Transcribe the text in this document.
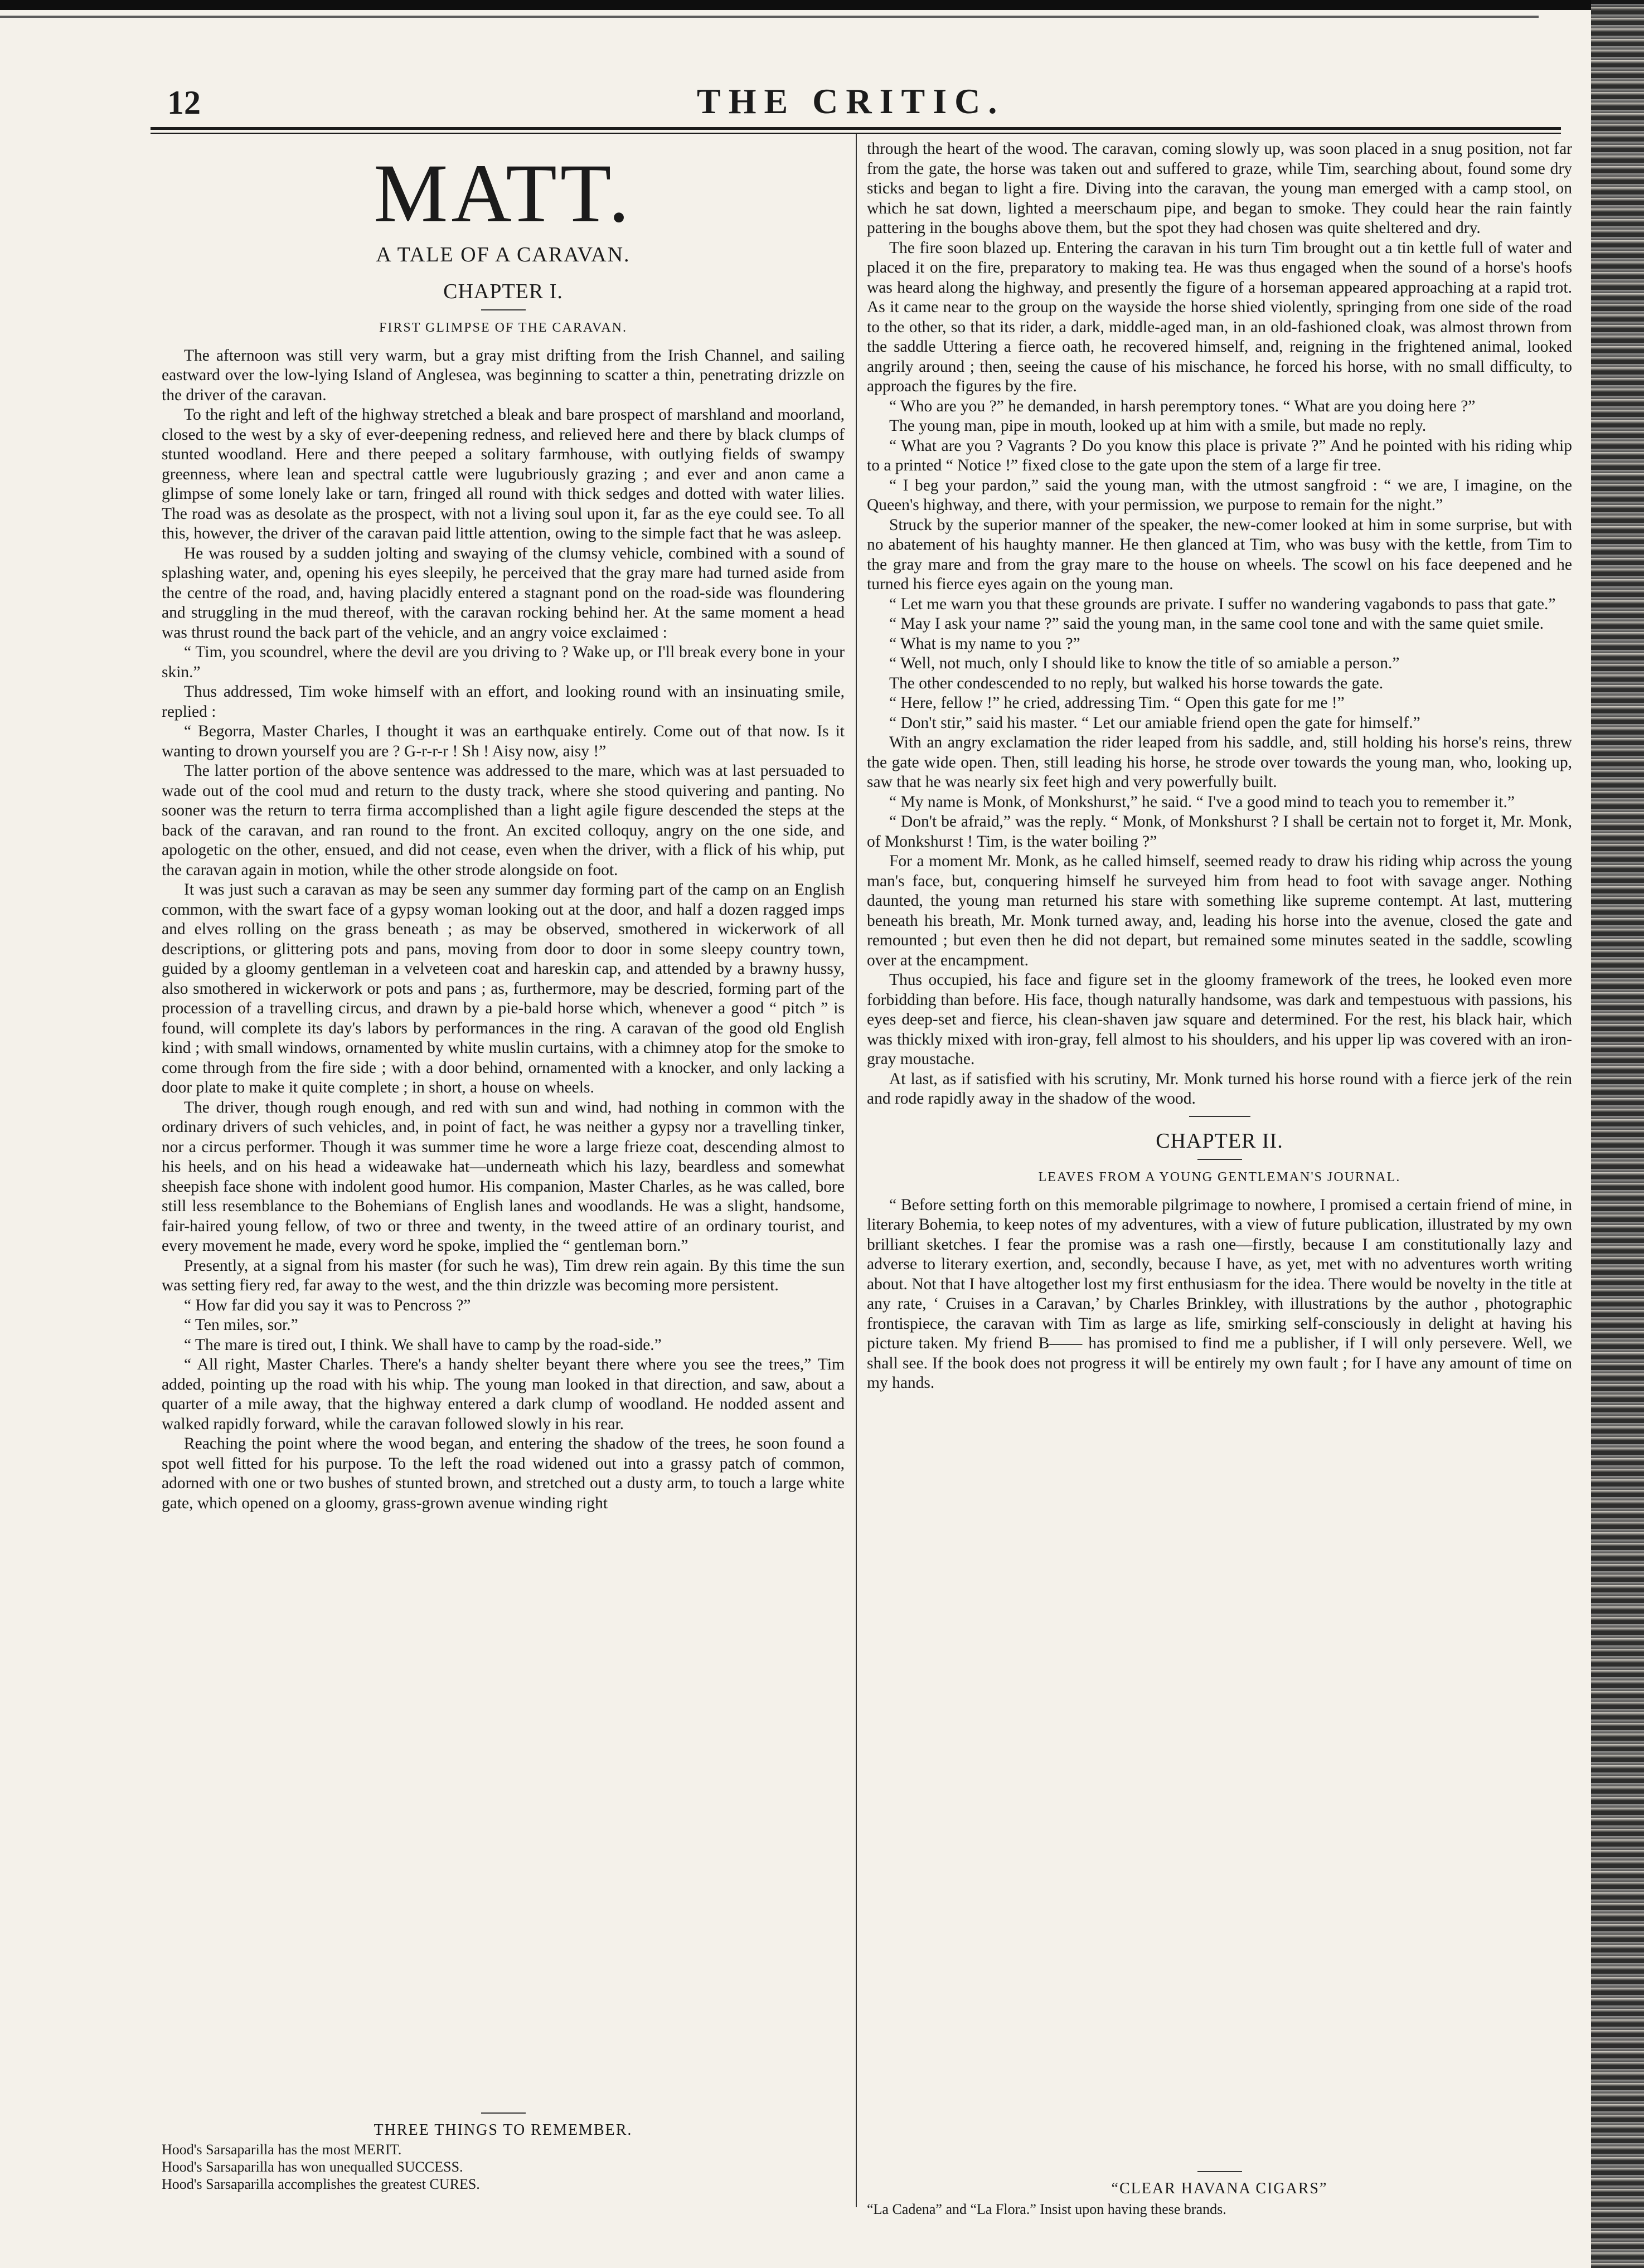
12	THE CRITIC.
MATT.
A TALE OF A CARAVAN.
CHAPTER I.
FIRST GLIMPSE OF THE CARAVAN.

The afternoon was still very warm, but a gray mist drifting from the Irish Channel, and sailing eastward over the low-lying Island of Anglesea, was beginning to scatter a thin, penetrating drizzle on the driver of the caravan.

To the right and left of the highway stretched a bleak and bare prospect of marshland and moorland, closed to the west by a sky of ever-deepening redness, and relieved here and there by black clumps of stunted woodland. Here and there peeped a solitary farmhouse, with outlying fields of swampy greenness, where lean and spectral cattle were lugubriously grazing ; and ever and anon came a glimpse of some lonely lake or tarn, fringed all round with thick sedges and dotted with water lilies. The road was as desolate as the prospect, with not a living soul upon it, far as the eye could see. To all this, however, the driver of the caravan paid little attention, owing to the simple fact that he was asleep.

He was roused by a sudden jolting and swaying of the clumsy vehicle, combined with a sound of splashing water, and, opening his eyes sleepily, he perceived that the gray mare had turned aside from the centre of the road, and, having placidly entered a stagnant pond on the road-side was floundering and struggling in the mud thereof, with the caravan rocking behind her. At the same moment a head was thrust round the back part of the vehicle, and an angry voice exclaimed :

“ Tim, you scoundrel, where the devil are you driving to ? Wake up, or I'll break every bone in your skin.”

Thus addressed, Tim woke himself with an effort, and looking round with an insinuating smile, replied :

“ Begorra, Master Charles, I thought it was an earthquake entirely. Come out of that now. Is it wanting to drown yourself you are ? G-r-r-r ! Sh ! Aisy now, aisy !”

The latter portion of the above sentence was addressed to the mare, which was at last persuaded to wade out of the cool mud and return to the dusty track, where she stood quivering and panting. No sooner was the return to terra firma accomplished than a light agile figure descended the steps at the back of the caravan, and ran round to the front. An excited colloquy, angry on the one side, and apologetic on the other, ensued, and did not cease, even when the driver, with a flick of his whip, put the caravan again in motion, while the other strode alongside on foot.

It was just such a caravan as may be seen any summer day forming part of the camp on an English common, with the swart face of a gypsy woman looking out at the door, and half a dozen ragged imps and elves rolling on the grass beneath ; as may be observed, smothered in wickerwork of all descriptions, or glittering pots and pans, moving from door to door in some sleepy country town, guided by a gloomy gentleman in a velveteen coat and hareskin cap, and attended by a brawny hussy, also smothered in wickerwork or pots and pans ; as, furthermore, may be descried, forming part of the procession of a travelling circus, and drawn by a pie-bald horse which, whenever a good “ pitch ” is found, will complete its day's labors by performances in the ring. A caravan of the good old English kind ; with small windows, ornamented by white muslin curtains, with a chimney atop for the smoke to come through from the fire side ; with a door behind, ornamented with a knocker, and only lacking a door plate to make it quite complete ; in short, a house on wheels.

The driver, though rough enough, and red with sun and wind, had nothing in common with the ordinary drivers of such vehicles, and, in point of fact, he was neither a gypsy nor a travelling tinker, nor a circus performer. Though it was summer time he wore a large frieze coat, descending almost to his heels, and on his head a wideawake hat—underneath which his lazy, beardless and somewhat sheepish face shone with indolent good humor. His companion, Master Charles, as he was called, bore still less resemblance to the Bohemians of English lanes and woodlands. He was a slight, handsome, fair-haired young fellow, of two or three and twenty, in the tweed attire of an ordinary tourist, and every movement he made, every word he spoke, implied the “ gentleman born.”

Presently, at a signal from his master (for such he was), Tim drew rein again. By this time the sun was setting fiery red, far away to the west, and the thin drizzle was becoming more persistent.

“ How far did you say it was to Pencross ?”

“ Ten miles, sor.”

“ The mare is tired out, I think. We shall have to camp by the road-side.”

“ All right, Master Charles. There's a handy shelter beyant there where you see the trees,” Tim added, pointing up the road with his whip. The young man looked in that direction, and saw, about a quarter of a mile away, that the highway entered a dark clump of woodland. He nodded assent and walked rapidly forward, while the caravan followed slowly in his rear.

Reaching the point where the wood began, and entering the shadow of the trees, he soon found a spot well fitted for his purpose. To the left the road widened out into a grassy patch of common, adorned with one or two bushes of stunted brown, and stretched out a dusty arm, to touch a large white gate, which opened on a gloomy, grass-grown avenue winding right

THREE THINGS TO REMEMBER.

Hood's Sarsaparilla has the most MERIT.

Hood's Sarsaparilla has won unequalled SUCCESS.

Hood's Sarsaparilla accomplishes the greatest CURES.

through the heart of the wood. The caravan, coming slowly up, was soon placed in a snug position, not far from the gate, the horse was taken out and suffered to graze, while Tim, searching about, found some dry sticks and began to light a fire. Diving into the caravan, the young man emerged with a camp stool, on which he sat down, lighted a meerschaum pipe, and began to smoke. They could hear the rain faintly pattering in the boughs above them, but the spot they had chosen was quite sheltered and dry.

The fire soon blazed up. Entering the caravan in his turn Tim brought out a tin kettle full of water and placed it on the fire, preparatory to making tea. He was thus engaged when the sound of a horse's hoofs was heard along the highway, and presently the figure of a horseman appeared approaching at a rapid trot. As it came near to the group on the wayside the horse shied violently, springing from one side of the road to the other, so that its rider, a dark, middle-aged man, in an old-fashioned cloak, was almost thrown from the saddle Uttering a fierce oath, he recovered himself, and, reigning in the frightened animal, looked angrily around ; then, seeing the cause of his mischance, he forced his horse, with no small difficulty, to approach the figures by the fire.

“ Who are you ?” he demanded, in harsh peremptory tones. “ What are you doing here ?”

The young man, pipe in mouth, looked up at him with a smile, but made no reply.

“ What are you ? Vagrants ? Do you know this place is private ?” And he pointed with his riding whip to a printed “ Notice !” fixed close to the gate upon the stem of a large fir tree.

“ I beg your pardon,” said the young man, with the utmost sangfroid : “ we are, I imagine, on the Queen's highway, and there, with your permission, we purpose to remain for the night.”

Struck by the superior manner of the speaker, the new-comer looked at him in some surprise, but with no abatement of his haughty manner. He then glanced at Tim, who was busy with the kettle, from Tim to the gray mare and from the gray mare to the house on wheels. The scowl on his face deepened and he turned his fierce eyes again on the young man.

“ Let me warn you that these grounds are private. I suffer no wandering vagabonds to pass that gate.”

“ May I ask your name ?” said the young man, in the same cool tone and with the same quiet smile.

“ What is my name to you ?”

“ Well, not much, only I should like to know the title of so amiable a person.”

The other condescended to no reply, but walked his horse towards the gate.

“ Here, fellow !” he cried, addressing Tim. “ Open this gate for me !”

“ Don't stir,” said his master. “ Let our amiable friend open the gate for himself.”

With an angry exclamation the rider leaped from his saddle, and, still holding his horse's reins, threw the gate wide open. Then, still leading his horse, he strode over towards the young man, who, looking up, saw that he was nearly six feet high and very powerfully built.

“ My name is Monk, of Monkshurst,” he said. “ I've a good mind to teach you to remember it.”

“ Don't be afraid,” was the reply. “ Monk, of Monkshurst ? I shall be certain not to forget it, Mr. Monk, of Monkshurst ! Tim, is the water boiling ?”

For a moment Mr. Monk, as he called himself, seemed ready to draw his riding whip across the young man's face, but, conquering himself he surveyed him from head to foot with savage anger. Nothing daunted, the young man returned his stare with something like supreme contempt. At last, muttering beneath his breath, Mr. Monk turned away, and, leading his horse into the avenue, closed the gate and remounted ; but even then he did not depart, but remained some minutes seated in the saddle, scowling over at the encampment.

Thus occupied, his face and figure set in the gloomy framework of the trees, he looked even more forbidding than before. His face, though naturally handsome, was dark and tempestuous with passions, his eyes deep-set and fierce, his clean-shaven jaw square and determined. For the rest, his black hair, which was thickly mixed with iron-gray, fell almost to his shoulders, and his upper lip was covered with an iron-gray moustache.

At last, as if satisfied with his scrutiny, Mr. Monk turned his horse round with a fierce jerk of the rein and rode rapidly away in the shadow of the wood.

CHAPTER II.
LEAVES FROM A YOUNG GENTLEMAN'S JOURNAL.

“ Before setting forth on this memorable pilgrimage to nowhere, I promised a certain friend of mine, in literary Bohemia, to keep notes of my adventures, with a view of future publication, illustrated by my own brilliant sketches. I fear the promise was a rash one—firstly, because I am constitutionally lazy and adverse to literary exertion, and, secondly, because I have, as yet, met with no adventures worth writing about. Not that I have altogether lost my first enthusiasm for the idea. There would be novelty in the title at any rate, ‘ Cruises in a Caravan,’ by Charles Brinkley, with illustrations by the author , photographic frontispiece, the caravan with Tim as large as life, smirking self-consciously in delight at having his picture taken. My friend B—— has promised to find me a publisher, if I will only persevere. Well, we shall see. If the book does not progress it will be entirely my own fault ; for I have any amount of time on my hands.

“CLEAR HAVANA CIGARS”

“La Cadena” and “La Flora.” Insist upon having these brands.
